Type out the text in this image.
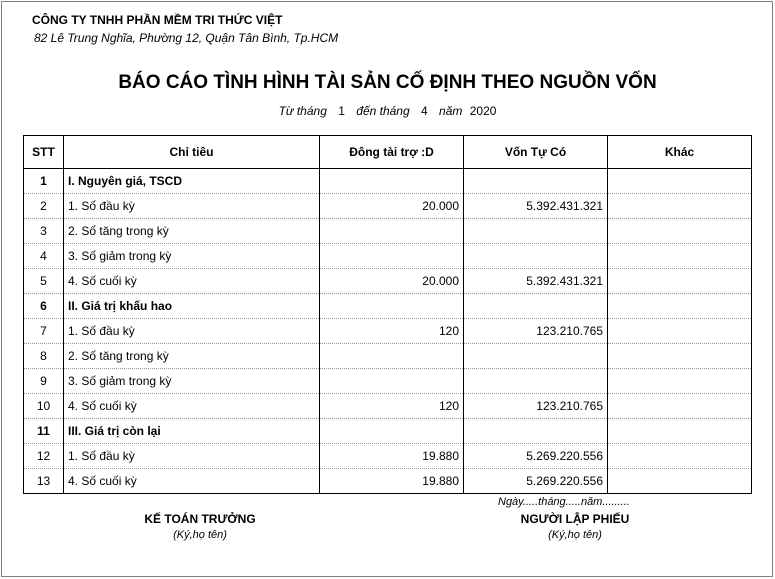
CÔNG TY TNHH PHẦN MỀM TRI THỨC VIỆT
82 Lê Trung Nghĩa, Phường 12, Quận Tân Bình, Tp.HCM
BÁO CÁO TÌNH HÌNH TÀI SẢN CỐ ĐỊNH THEO NGUỒN VỐN
Từ tháng 1 đến tháng 4 năm 2020
STT	Chỉ tiêu	Đông tài trợ :D	Vốn Tự Có	Khác
1	I. Nguyên giá, TSCD			
2	1. Số đầu kỳ	20.000	5.392.431.321	
3	2. Số tăng trong kỳ			
4	3. Số giảm trong kỳ			
5	4. Số cuối kỳ	20.000	5.392.431.321	
6	II. Giá trị khấu hao			
7	1. Số đầu kỳ	120	123.210.765	
8	2. Số tăng trong kỳ			
9	3. Số giảm trong kỳ			
10	4. Số cuối kỳ	120	123.210.765	
11	III. Giá trị còn lại			
12	1. Số đầu kỳ	19.880	5.269.220.556	
13	4. Số cuối kỳ	19.880	5.269.220.556	
Ngày.....tháng.....năm.........
KẾ TOÁN TRƯỞNG
(Ký,họ tên)
NGƯỜI LẬP PHIẾU
(Ký,họ tên)
